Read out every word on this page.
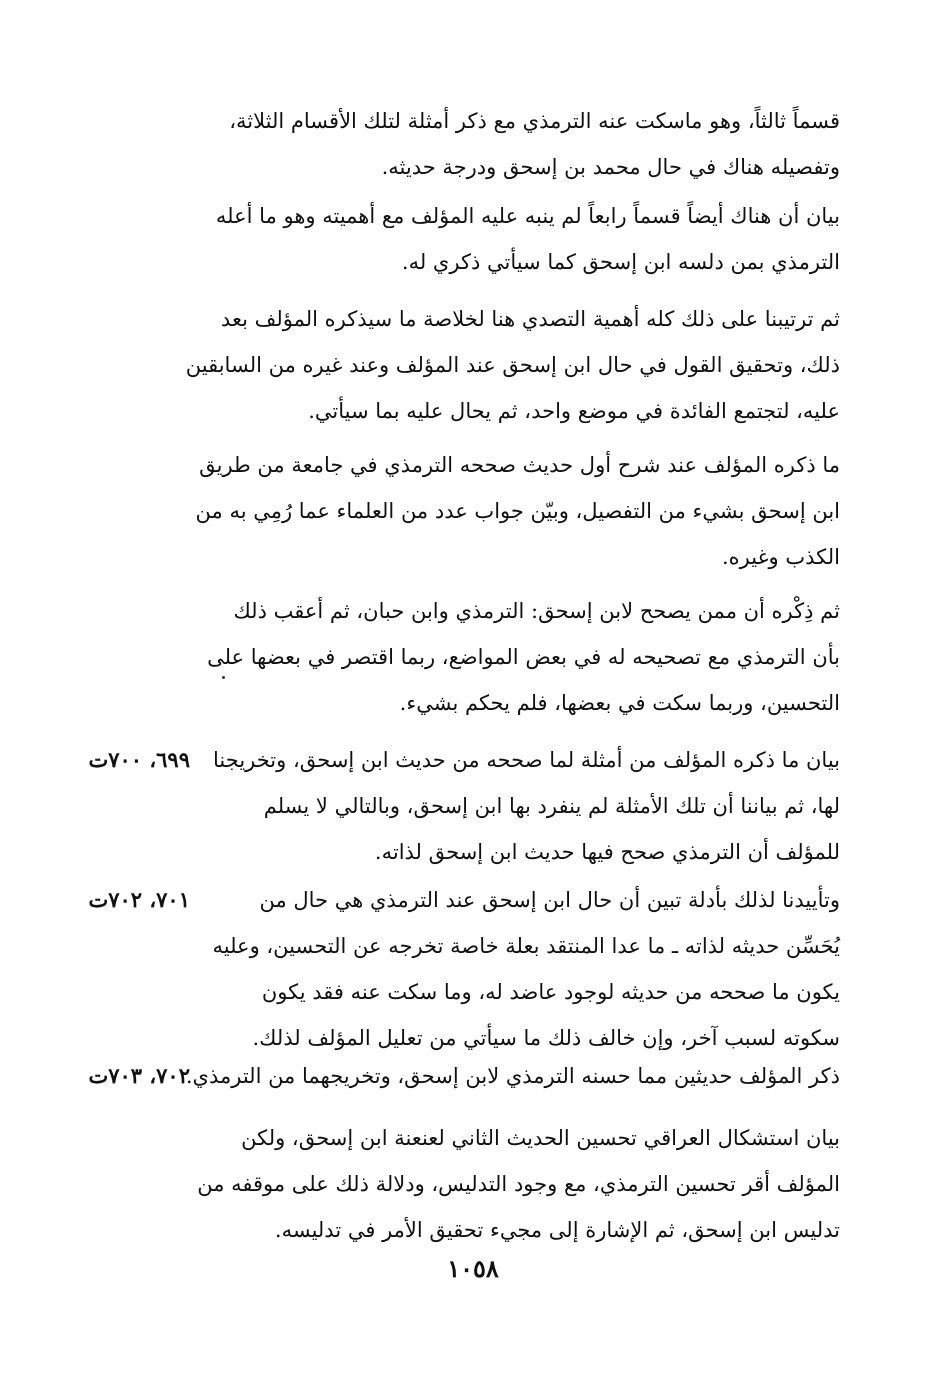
قسماً ثالثاً، وهو ماسكت عنه الترمذي مع ذكر أمثلة لتلك الأقسام الثلاثة،
وتفصيله هناك في حال محمد بن إسحق ودرجة حديثه.
بيان أن هناك أيضاً قسماً رابعاً لم ينبه عليه المؤلف مع أهميته وهو ما أعله
الترمذي بمن دلسه ابن إسحق كما سيأتي ذكري له.
ثم ترتيبنا على ذلك كله أهمية التصدي هنا لخلاصة ما سيذكره المؤلف بعد
ذلك، وتحقيق القول في حال ابن إسحق عند المؤلف وعند غيره من السابقين
عليه، لتجتمع الفائدة في موضع واحد، ثم يحال عليه بما سيأتي.
ما ذكره المؤلف عند شرح أول حديث صححه الترمذي في جامعة من طريق
ابن إسحق بشيء من التفصيل، وبيّن جواب عدد من العلماء عما رُمِي به من
الكذب وغيره.
ثم ذِكْره أن ممن يصحح لابن إسحق: الترمذي وابن حبان، ثم أعقب ذلك
بأن الترمذي مع تصحيحه له في بعض المواضع، ربما اقتصر في بعضها على
التحسين، وربما سكت في بعضها، فلم يحكم بشيء.
بيان ما ذكره المؤلف من أمثلة لما صححه من حديث ابن إسحق، وتخريجنا
لها، ثم بياننا أن تلك الأمثلة لم ينفرد بها ابن إسحق، وبالتالي لا يسلم
للمؤلف أن الترمذي صحح فيها حديث ابن إسحق لذاته.
٦٩٩، ٧٠٠ت
وتأييدنا لذلك بأدلة تبين أن حال ابن إسحق عند الترمذي هي حال من
يُحَسِّن حديثه لذاته ـ ما عدا المنتقد بعلة خاصة تخرجه عن التحسين، وعليه
يكون ما صححه من حديثه لوجود عاضد له، وما سكت عنه فقد يكون
سكوته لسبب آخر، وإن خالف ذلك ما سيأتي من تعليل المؤلف لذلك.
٧٠١، ٧٠٢ت
ذكر المؤلف حديثين مما حسنه الترمذي لابن إسحق، وتخريجهما من الترمذي.
٧٠٢، ٧٠٣ت
بيان استشكال العراقي تحسين الحديث الثاني لعنعنة ابن إسحق، ولكن
المؤلف أقر تحسين الترمذي، مع وجود التدليس، ودلالة ذلك على موقفه من
تدليس ابن إسحق، ثم الإشارة إلى مجيء تحقيق الأمر في تدليسه.
١٠٥٨
